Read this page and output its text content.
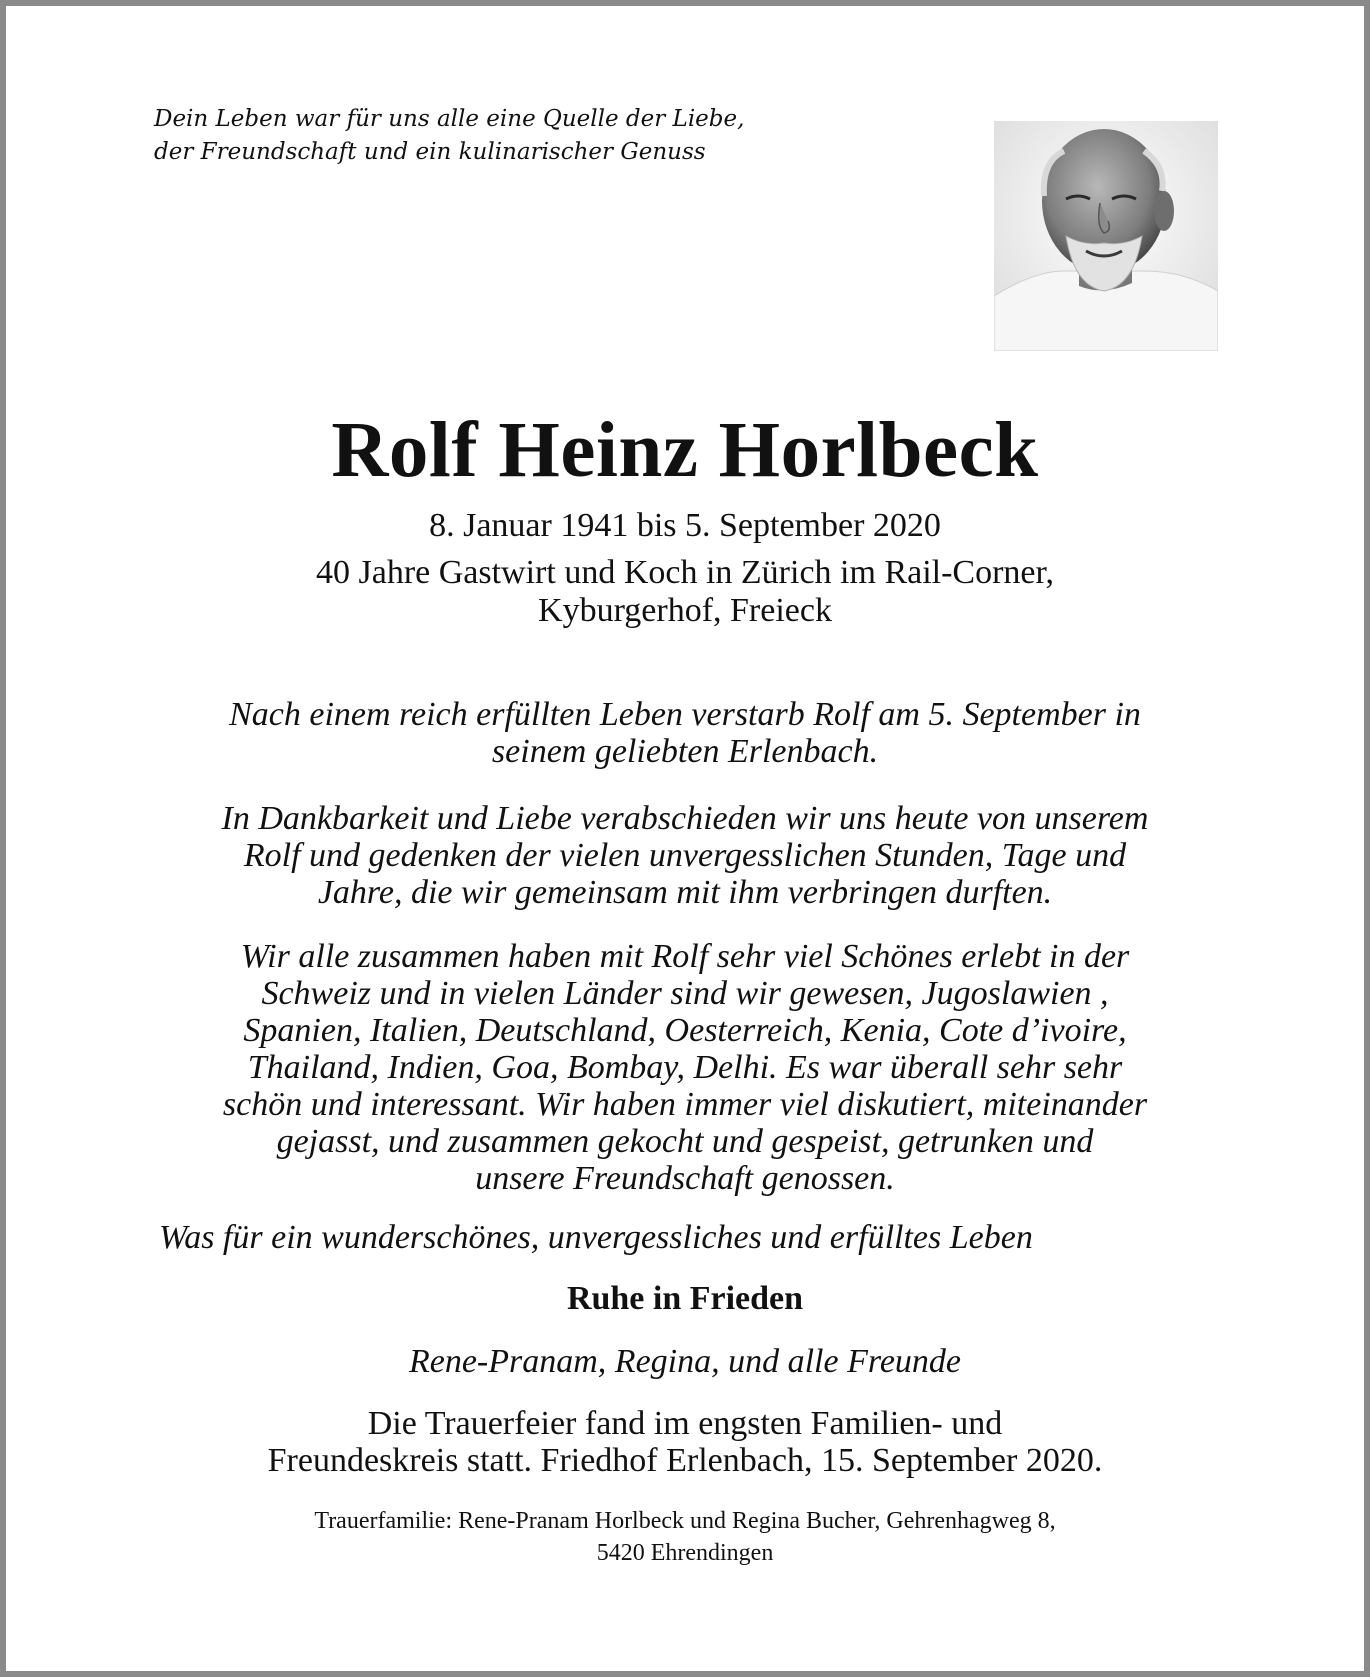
Dein Leben war für uns alle eine Quelle der Liebe,
der Freundschaft und ein kulinarischer Genuss
Rolf Heinz Horlbeck
8. Januar 1941 bis 5. September 2020
40 Jahre Gastwirt und Koch in Zürich im Rail-Corner,
Kyburgerhof, Freieck
Nach einem reich erfüllten Leben verstarb Rolf am 5. September in
seinem geliebten Erlenbach.
In Dankbarkeit und Liebe verabschieden wir uns heute von unserem
Rolf und gedenken der vielen unvergesslichen Stunden, Tage und
Jahre, die wir gemeinsam mit ihm verbringen durften.
Wir alle zusammen haben mit Rolf sehr viel Schönes erlebt in der
Schweiz und in vielen Länder sind wir gewesen, Jugoslawien ,
Spanien, Italien, Deutschland, Oesterreich, Kenia, Cote d’ivoire,
Thailand, Indien, Goa, Bombay, Delhi. Es war überall sehr sehr
schön und interessant. Wir haben immer viel diskutiert, miteinander
gejasst, und zusammen gekocht und gespeist, getrunken und
unsere Freundschaft genossen.
Was für ein wunderschönes, unvergessliches und erfülltes Leben
Ruhe in Frieden
Rene-Pranam, Regina, und alle Freunde
Die Trauerfeier fand im engsten Familien- und
Freundeskreis statt. Friedhof Erlenbach, 15. September 2020.
Trauerfamilie: Rene-Pranam Horlbeck und Regina Bucher, Gehrenhagweg 8,
5420 Ehrendingen
